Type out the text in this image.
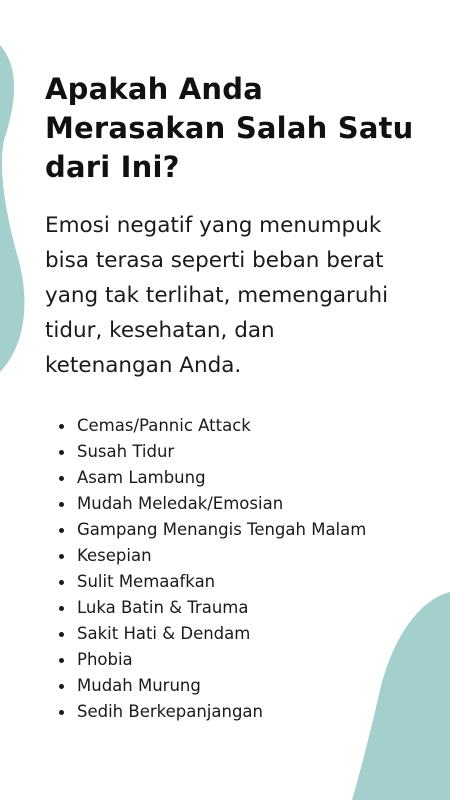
Apakah Anda Merasakan Salah Satu dari Ini?

Emosi negatif yang menumpuk bisa terasa seperti beban berat yang tak terlihat, memengaruhi tidur, kesehatan, dan ketenangan Anda.

Cemas/Pannic Attack
Susah Tidur
Asam Lambung
Mudah Meledak/Emosian
Gampang Menangis Tengah Malam
Kesepian
Sulit Memaafkan
Luka Batin & Trauma
Sakit Hati & Dendam
Phobia
Mudah Murung
Sedih Berkepanjangan
